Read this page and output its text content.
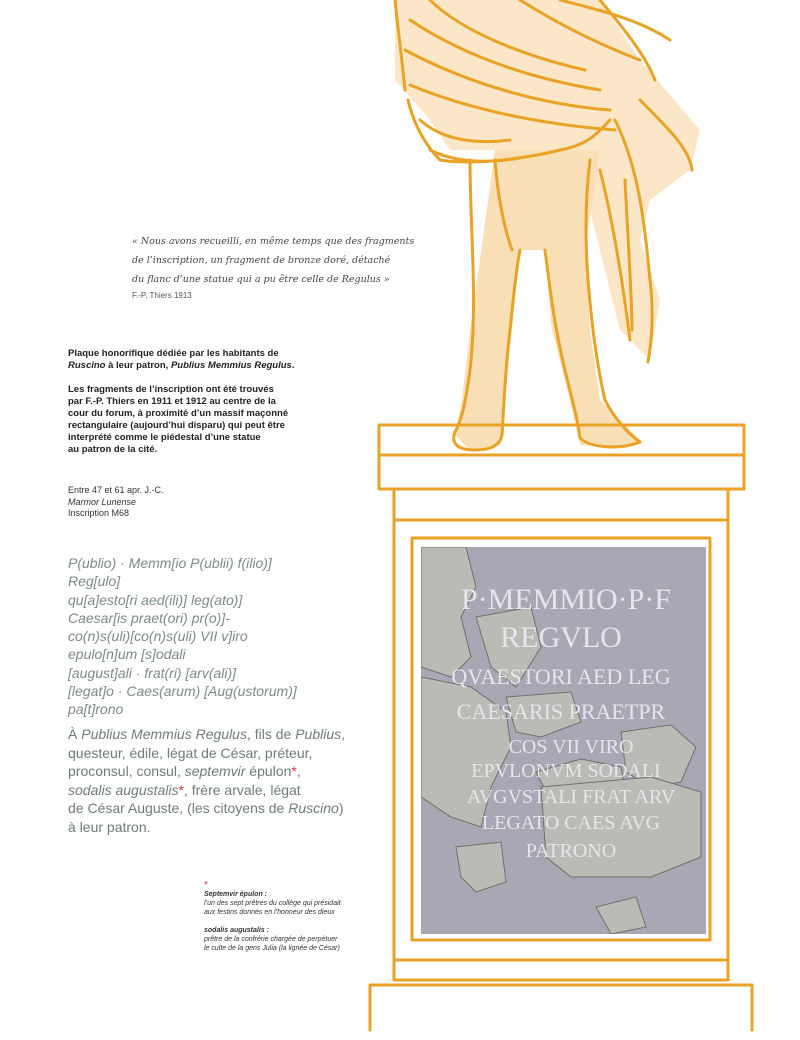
« Nous avons recueilli, en même temps que des fragments
de l’inscription, un fragment de bronze doré, détaché
du flanc d’une statue qui a pu être celle de Regulus »
F.-P. Thiers 1913

Plaque honorifique dédiée par les habitants de
Ruscino à leur patron, Publius Memmius Regulus.

Les fragments de l’inscription ont été trouvés
par F.-P. Thiers en 1911 et 1912 au centre de la
cour du forum, à proximité d’un massif maçonné
rectangulaire (aujourd’hui disparu) qui peut être
interprété comme le piédestal d’une statue
au patron de la cité.

Entre 47 et 61 apr. J.-C.
Marmor Lunense
Inscription M68
P(ublio) · Memm[io P(ublii) f(ilio)]
Reg[ulo]
qu[a]esto[ri aed(ili)] leg(ato)]
Caesar[is praet(ori) pr(o)]-
co(n)s(uli)[co(n)s(uli) VII v]iro
epulo[n]um [s]odali
[august]ali · frat(ri) [arv(ali)]
[legat]o · Caes(arum) [Aug(ustorum)]
pa[t]rono
À Publius Memmius Regulus, fils de Publius,
questeur, édile, légat de César, préteur,
proconsul, consul, septemvir épulon*,
sodalis augustalis*, frère arvale, légat
de César Auguste, (les citoyens de Ruscino)
à leur patron.
*
Septemvir épulon :
l’un des sept prêtres du collège qui présidait
aux festins donnés en l’honneur des dieux
sodalis augustalis :
prêtre de la confrérie chargée de perpétuer
le culte de la gens Julia (la lignée de César)
P·MEMMIO·P·F
REGVLO
QVAESTORI AED LEG
CAESARIS PRAETPR
COS VII VIRO
EPVLONVM SODALI
AVGVSTALI FRAT ARV
LEGATO CAES AVG
PATRONO
